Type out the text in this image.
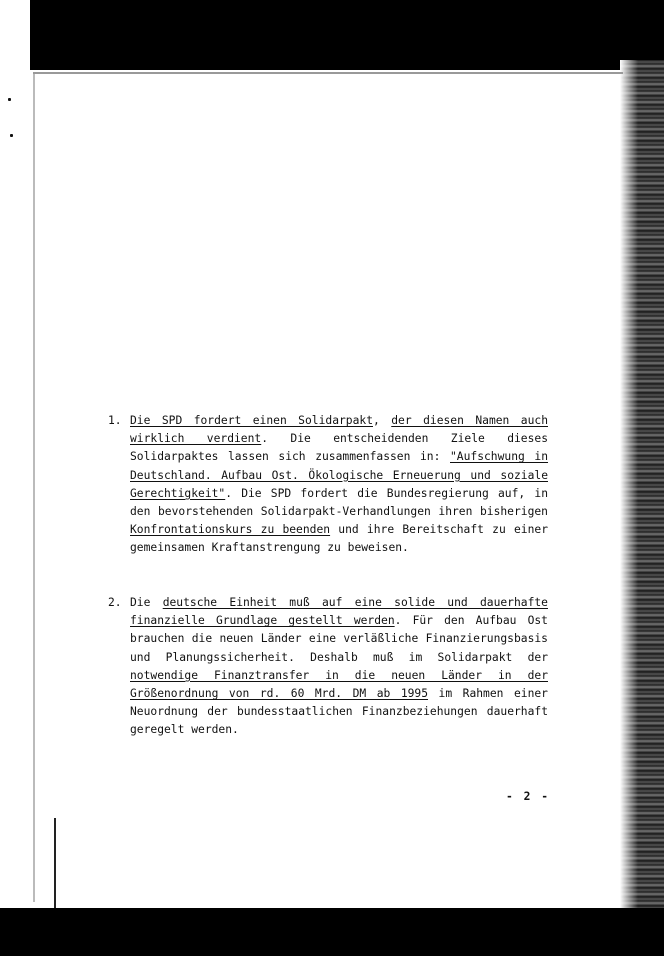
1. Die SPD fordert einen Solidarpakt, der diesen Namen auch wirklich verdient. Die entscheidenden Ziele dieses Solidarpaktes lassen sich zusammenfassen in: "Aufschwung in Deutschland. Aufbau Ost. Ökologische Erneuerung und soziale Gerechtigkeit". Die SPD fordert die Bundesregierung auf, in den bevorstehenden Solidarpakt-Verhandlungen ihren bisherigen Konfrontationskurs zu beenden und ihre Bereitschaft zu einer gemeinsamen Kraftanstrengung zu beweisen.
2. Die deutsche Einheit muß auf eine solide und dauerhafte finanzielle Grundlage gestellt werden. Für den Aufbau Ost brauchen die neuen Länder eine verläßliche Finanzierungsbasis und Planungssicherheit. Deshalb muß im Solidarpakt der notwendige Finanztransfer in die neuen Länder in der Größenordnung von rd. 60 Mrd. DM ab 1995 im Rahmen einer Neuordnung der bundesstaatlichen Finanzbeziehungen dauerhaft geregelt werden.
- 2 -
